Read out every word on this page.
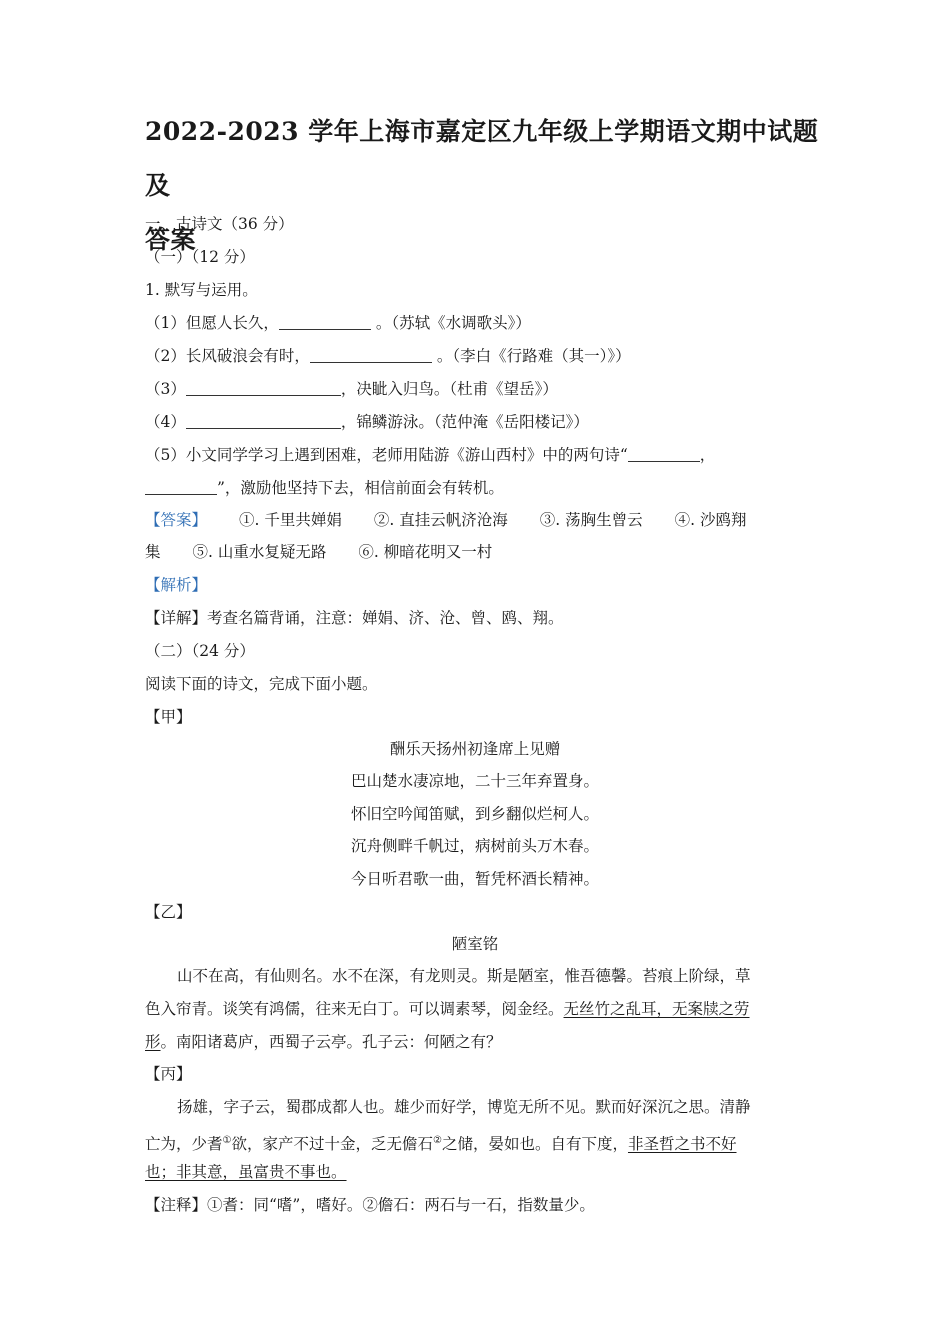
2022-2023 学年上海市嘉定区九年级上学期语文期中试题及
答案

一、古诗文（36 分）

（一）（12 分）

1. 默写与运用。

（1）但愿人长久，	。（苏轼《水调歌头》）

（2）长风破浪会有时，	。（李白《行路难（其一）》）

（3）	，决眦入归鸟。（杜甫《望岳》）

（4）	，锦鳞游泳。（范仲淹《岳阳楼记》）

（5）小文同学学习上遇到困难，老师用陆游《游山西村》中的两句诗“	，

”，激励他坚持下去，相信前面会有转机。

【答案】 ①. 千里共婵娟 ②. 直挂云帆济沧海 ③. 荡胸生曾云 ④. 沙鸥翔

集 ⑤. 山重水复疑无路 ⑥. 柳暗花明又一村

【解析】

【详解】考查名篇背诵，注意：婵娟、济、沧、曾、鸥、翔。

（二）（24 分）

阅读下面的诗文，完成下面小题。

【甲】

酬乐天扬州初逢席上见赠

巴山楚水凄凉地，二十三年弃置身。

怀旧空吟闻笛赋，到乡翻似烂柯人。

沉舟侧畔千帆过，病树前头万木春。

今日听君歌一曲，暂凭杯酒长精神。

【乙】

陋室铭

山不在高，有仙则名。水不在深，有龙则灵。斯是陋室，惟吾德馨。苔痕上阶绿，草

色入帘青。谈笑有鸿儒，往来无白丁。可以调素琴，阅金经。无丝竹之乱耳，无案牍之劳

形。南阳诸葛庐，西蜀子云亭。孔子云：何陋之有？

【丙】

扬雄，字子云，蜀郡成都人也。雄少而好学，博览无所不见。默而好深沉之思。清静

亡为，少耆①欲，家产不过十金，乏无儋石②之储，晏如也。自有下度，非圣哲之书不好

也；非其意，虽富贵不事也。

【注释】①耆：同“嗜”，嗜好。②儋石：两石与一石，指数量少。
